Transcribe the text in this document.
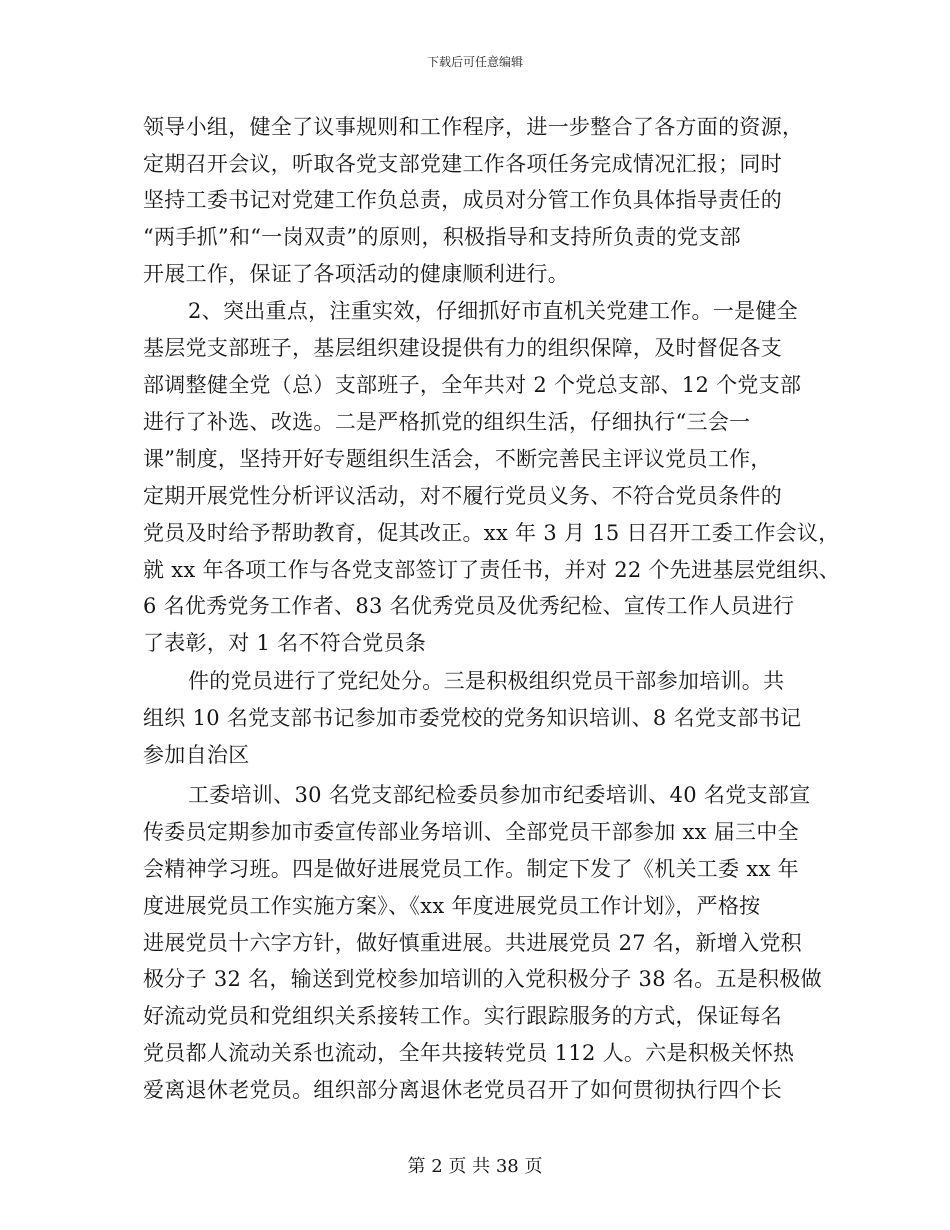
下载后可任意编辑
领导小组，健全了议事规则和工作程序，进一步整合了各方面的资源，
定期召开会议，听取各党支部党建工作各项任务完成情况汇报；同时
坚持工委书记对党建工作负总责，成员对分管工作负具体指导责任的
“两手抓”和“一岗双责”的原则，积极指导和支持所负责的党支部
开展工作，保证了各项活动的健康顺利进行。
2、突出重点，注重实效，仔细抓好市直机关党建工作。一是健全
基层党支部班子，基层组织建设提供有力的组织保障，及时督促各支
部调整健全党（总）支部班子，全年共对 2 个党总支部、12 个党支部
进行了补选、改选。二是严格抓党的组织生活，仔细执行“三会一
课”制度，坚持开好专题组织生活会，不断完善民主评议党员工作，
定期开展党性分析评议活动，对不履行党员义务、不符合党员条件的
党员及时给予帮助教育，促其改正。xx 年 3 月 15 日召开工委工作会议，
就 xx 年各项工作与各党支部签订了责任书，并对 22 个先进基层党组织、
6 名优秀党务工作者、83 名优秀党员及优秀纪检、宣传工作人员进行
了表彰，对 1 名不符合党员条
件的党员进行了党纪处分。三是积极组织党员干部参加培训。共
组织 10 名党支部书记参加市委党校的党务知识培训、8 名党支部书记
参加自治区
工委培训、30 名党支部纪检委员参加市纪委培训、40 名党支部宣
传委员定期参加市委宣传部业务培训、全部党员干部参加 xx 届三中全
会精神学习班。四是做好进展党员工作。制定下发了《机关工委 xx 年
度进展党员工作实施方案》、《xx 年度进展党员工作计划》，严格按
进展党员十六字方针，做好慎重进展。共进展党员 27 名，新增入党积
极分子 32 名，输送到党校参加培训的入党积极分子 38 名。五是积极做
好流动党员和党组织关系接转工作。实行跟踪服务的方式，保证每名
党员都人流动关系也流动，全年共接转党员 112 人。六是积极关怀热
爱离退休老党员。组织部分离退休老党员召开了如何贯彻执行四个长
第 2 页 共 38 页
